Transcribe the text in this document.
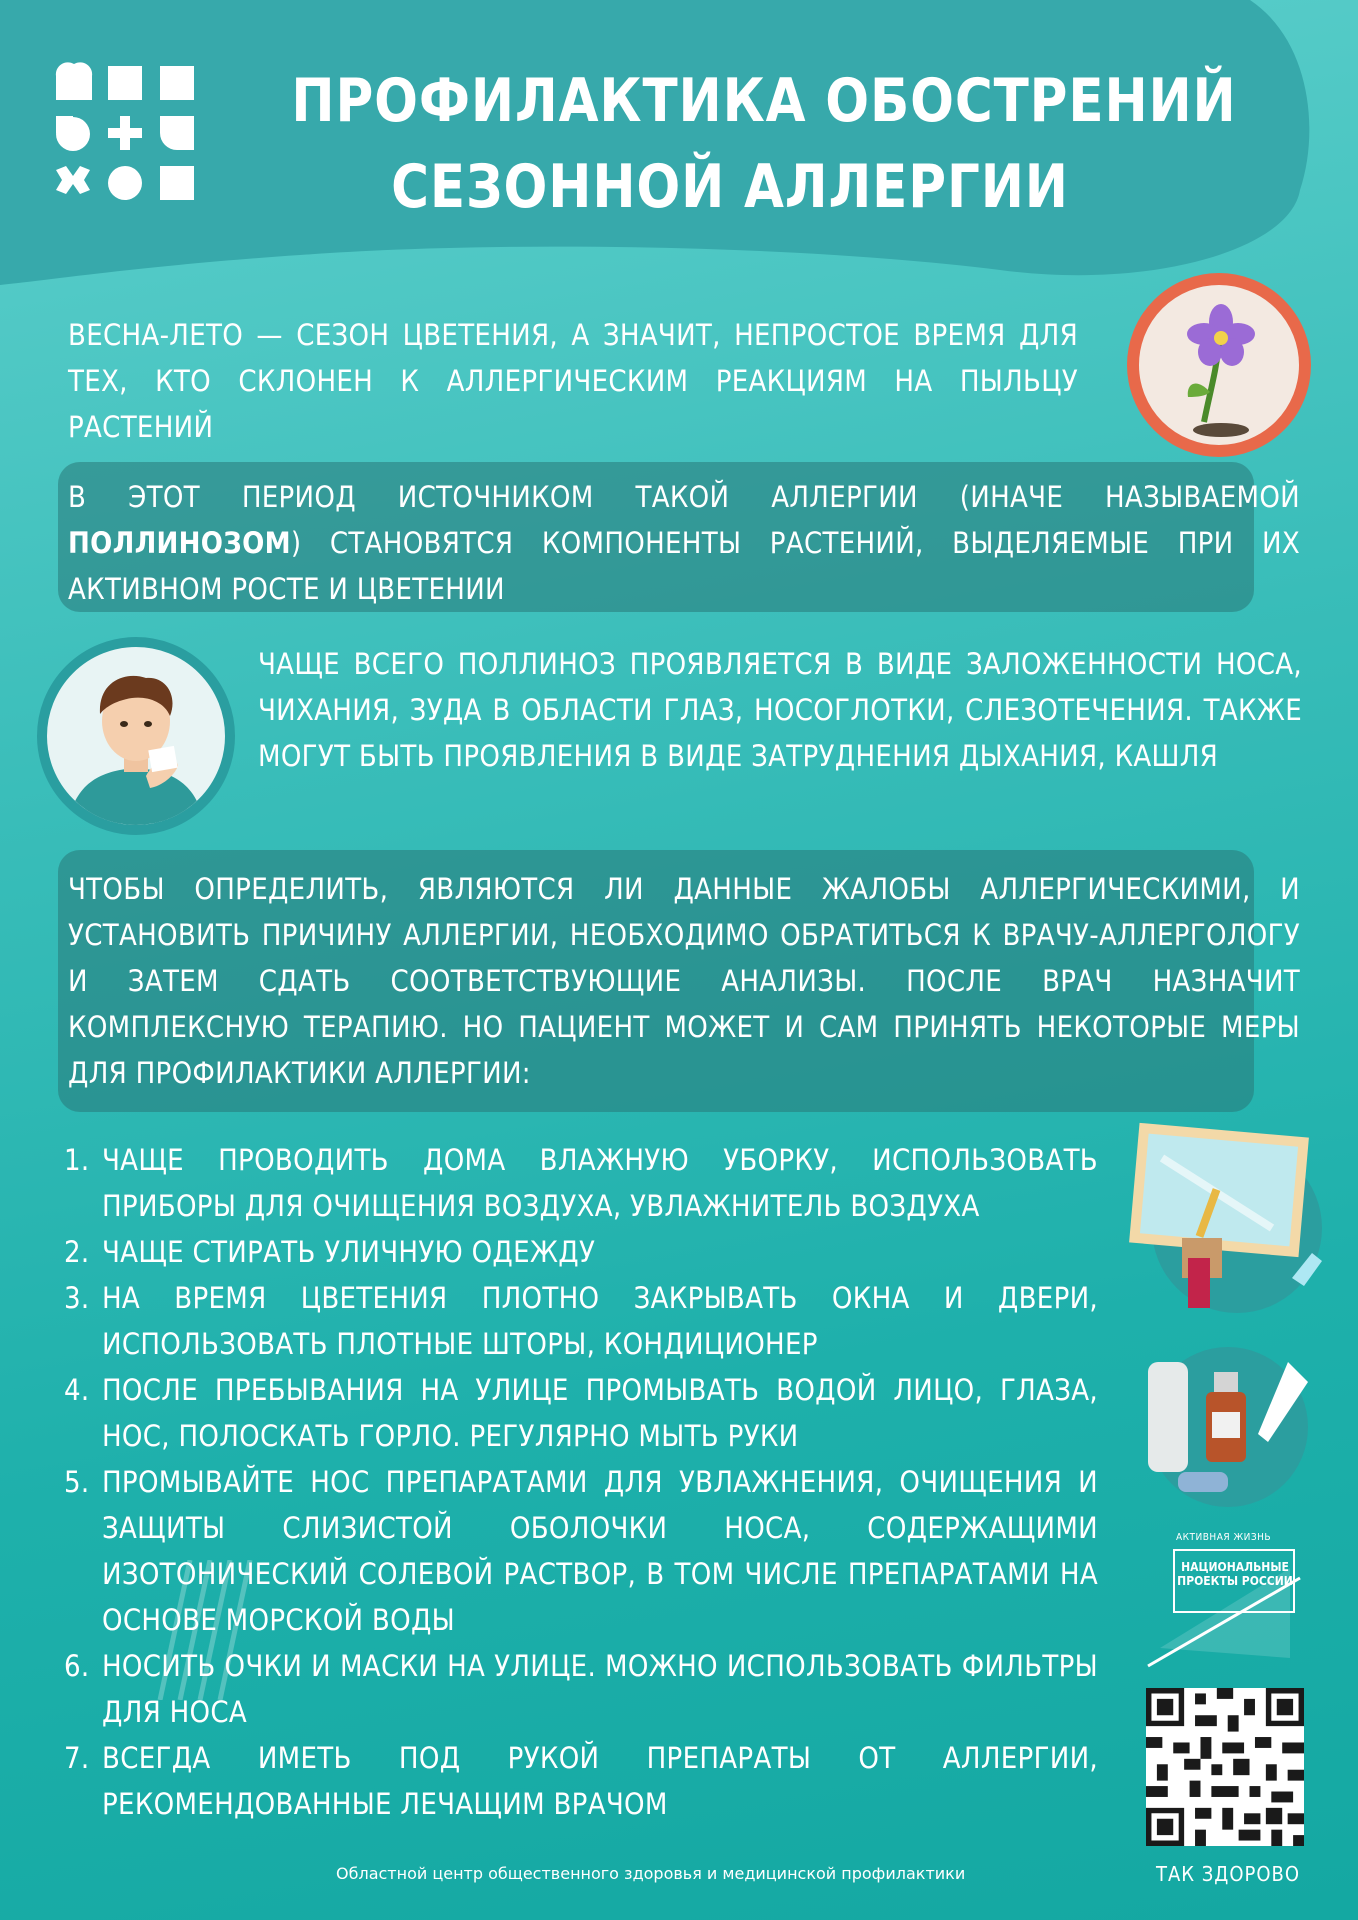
ПРОФИЛАКТИКА ОБОСТРЕНИЙ
СЕЗОННОЙ АЛЛЕРГИИ
ВЕСНА-ЛЕТО — СЕЗОН ЦВЕТЕНИЯ, А ЗНАЧИТ, НЕПРОСТОЕ ВРЕМЯ ДЛЯ ТЕХ, КТО СКЛОНЕН К АЛЛЕРГИЧЕСКИМ РЕАКЦИЯМ НА ПЫЛЬЦУ РАСТЕНИЙ
В ЭТОТ ПЕРИОД ИСТОЧНИКОМ ТАКОЙ АЛЛЕРГИИ (ИНАЧЕ НАЗЫВАЕМОЙ ПОЛЛИНОЗОМ) СТАНОВЯТСЯ КОМПОНЕНТЫ РАСТЕНИЙ, ВЫДЕЛЯЕМЫЕ ПРИ ИХ АКТИВНОМ РОСТЕ И ЦВЕТЕНИИ
ЧАЩЕ ВСЕГО ПОЛЛИНОЗ ПРОЯВЛЯЕТСЯ В ВИДЕ ЗАЛОЖЕННОСТИ НОСА, ЧИХАНИЯ, ЗУДА В ОБЛАСТИ ГЛАЗ, НОСОГЛОТКИ, СЛЕЗОТЕЧЕНИЯ. ТАКЖЕ МОГУТ БЫТЬ ПРОЯВЛЕНИЯ В ВИДЕ ЗАТРУДНЕНИЯ ДЫХАНИЯ, КАШЛЯ
ЧТОБЫ ОПРЕДЕЛИТЬ, ЯВЛЯЮТСЯ ЛИ ДАННЫЕ ЖАЛОБЫ АЛЛЕРГИЧЕСКИМИ, И УСТАНОВИТЬ ПРИЧИНУ АЛЛЕРГИИ, НЕОБХОДИМО ОБРАТИТЬСЯ К ВРАЧУ-АЛЛЕРГОЛОГУ И ЗАТЕМ СДАТЬ СООТВЕТСТВУЮЩИЕ АНАЛИЗЫ. ПОСЛЕ ВРАЧ НАЗНАЧИТ КОМПЛЕКСНУЮ ТЕРАПИЮ. НО ПАЦИЕНТ МОЖЕТ И САМ ПРИНЯТЬ НЕКОТОРЫЕ МЕРЫ ДЛЯ ПРОФИЛАКТИКИ АЛЛЕРГИИ:
1. ЧАЩЕ ПРОВОДИТЬ ДОМА ВЛАЖНУЮ УБОРКУ, ИСПОЛЬЗОВАТЬ ПРИБОРЫ ДЛЯ ОЧИЩЕНИЯ ВОЗДУХА, УВЛАЖНИТЕЛЬ ВОЗДУХА
2. ЧАЩЕ СТИРАТЬ УЛИЧНУЮ ОДЕЖДУ
3. НА ВРЕМЯ ЦВЕТЕНИЯ ПЛОТНО ЗАКРЫВАТЬ ОКНА И ДВЕРИ, ИСПОЛЬЗОВАТЬ ПЛОТНЫЕ ШТОРЫ, КОНДИЦИОНЕР
4. ПОСЛЕ ПРЕБЫВАНИЯ НА УЛИЦЕ ПРОМЫВАТЬ ВОДОЙ ЛИЦО, ГЛАЗА, НОС, ПОЛОСКАТЬ ГОРЛО. РЕГУЛЯРНО МЫТЬ РУКИ
5. ПРОМЫВАЙТЕ НОС ПРЕПАРАТАМИ ДЛЯ УВЛАЖНЕНИЯ, ОЧИЩЕНИЯ И ЗАЩИТЫ СЛИЗИСТОЙ ОБОЛОЧКИ НОСА, СОДЕРЖАЩИМИ ИЗОТОНИЧЕСКИЙ СОЛЕВОЙ РАСТВОР, В ТОМ ЧИСЛЕ ПРЕПАРАТАМИ НА ОСНОВЕ МОРСКОЙ ВОДЫ
6. НОСИТЬ ОЧКИ И МАСКИ НА УЛИЦЕ. МОЖНО ИСПОЛЬЗОВАТЬ ФИЛЬТРЫ ДЛЯ НОСА
7. ВСЕГДА ИМЕТЬ ПОД РУКОЙ ПРЕПАРАТЫ ОТ АЛЛЕРГИИ, РЕКОМЕНДОВАННЫЕ ЛЕЧАЩИМ ВРАЧОМ
АКТИВНАЯ ЖИЗНЬ
НАЦИОНАЛЬНЫЕ ПРОЕКТЫ РОССИИ
ТАК ЗДОРОВО
Областной центр общественного здоровья и медицинской профилактики
